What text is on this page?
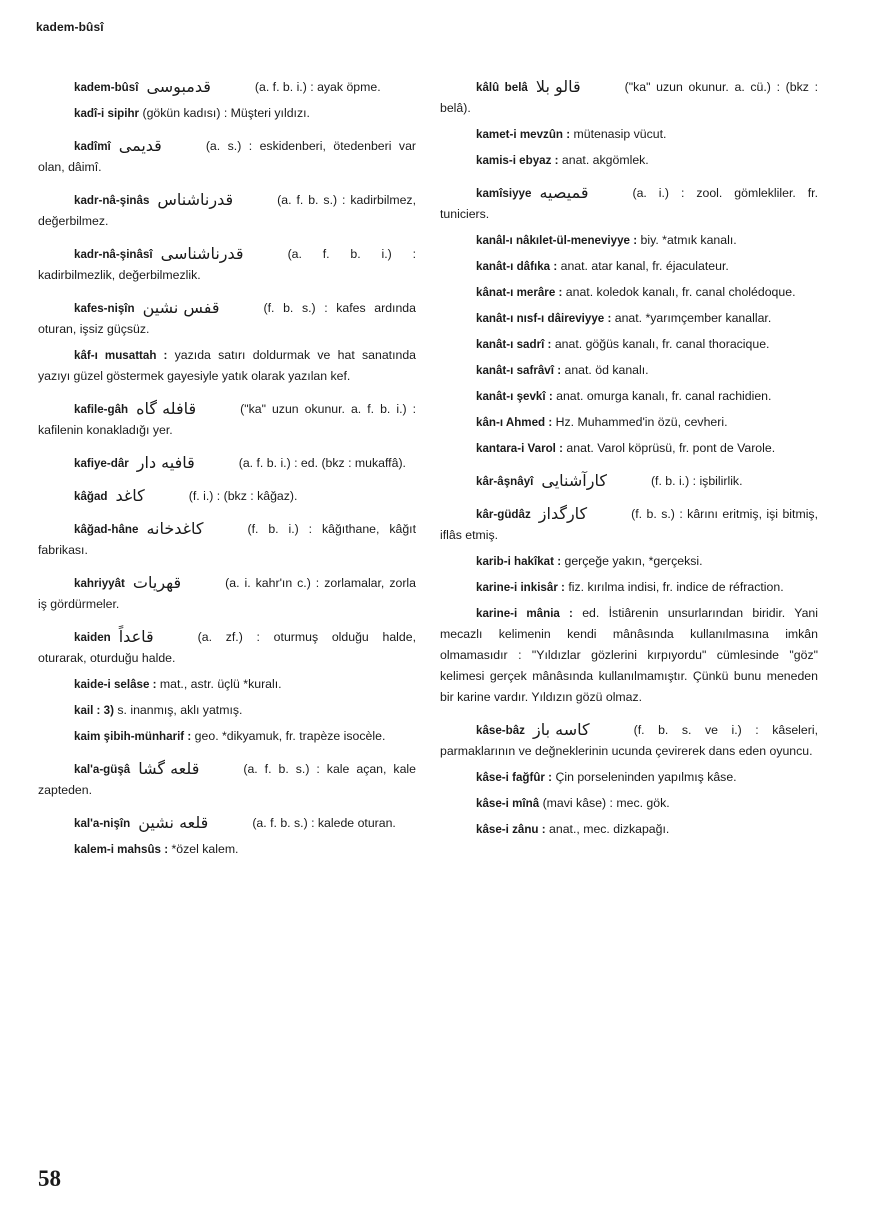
kadem-bûsî

kadem-bûsî قدمبوسی	(a. f. b. i.) : ayak öpme.

kadî-i sipihr (gökün kadısı) : Müşteri yıldızı.

kadîmî قدیمی	(a. s.) : eskidenberi, ötedenberi var olan, dâimî.

kadr-nâ-şinâs قدرناشناس	(a. f. b. s.) : kadirbilmez, değerbilmez.

kadr-nâ-şinâsî قدرناشناسی	(a. f. b. i.) : kadirbilmezlik, değerbilmezlik.

kafes-nişîn قفس نشین	(f. b. s.) : kafes ardında oturan, işsiz güçsüz.

kâf-ı musattah : yazıda satırı doldurmak ve hat sanatında yazıyı güzel göstermek gayesiyle yatık olarak yazılan kef.

kafile-gâh قافله گاه	("ka" uzun okunur. a. f. b. i.) : kafilenin konakladığı yer.

kafiye-dâr قافیه دار	(a. f. b. i.) : ed. (bkz : mukaffâ).

kâğad کاغد	(f. i.) : (bkz : kâğaz).

kâğad-hâne کاغدخانه	(f. b. i.) : kâğıthane, kâğıt fabrikası.

kahriyyât قهریات	(a. i. kahr'ın c.) : zorlamalar, zorla iş gördürmeler.

kaiden قاعداً	(a. zf.) : oturmuş olduğu halde, oturarak, oturduğu halde.

kaide-i selâse : mat., astr. üçlü *kuralı.

kail : 3) s. inanmış, aklı yatmış.

kaim şibih-münharif : geo. *dikyamuk, fr. trapèze isocèle.

kal'a-güşâ قلعه گشا	(a. f. b. s.) : kale açan, kale zapteden.

kal'a-nişîn قلعه نشین	(a. f. b. s.) : kalede oturan.

kalem-i mahsûs : *özel kalem.

kâlû belâ قالو بلا	("ka" uzun okunur. a. cü.) : (bkz : belâ).

kamet-i mevzûn : mütenasip vücut.

kamis-i ebyaz : anat. akgömlek.

kamîsiyye قمیصیه	(a. i.) : zool. gömlekliler. fr. tuniciers.

kanâl-ı nâkılet-ül-meneviyye : biy. *atmık kanalı.

kanât-ı dâfıka : anat. atar kanal, fr. éjaculateur.

kânat-ı merâre : anat. koledok kanalı, fr. canal cholédoque.

kanât-ı nısf-ı dâireviyye : anat. *yarımçember kanallar.

kanât-ı sadrî : anat. göğüs kanalı, fr. canal thoracique.

kanât-ı safrâvî : anat. öd kanalı.

kanât-ı şevkî : anat. omurga kanalı, fr. canal rachidien.

kân-ı Ahmed : Hz. Muhammed'in özü, cevheri.

kantara-i Varol : anat. Varol köprüsü, fr. pont de Varole.

kâr-âşnâyî کارآشنایی	(f. b. i.) : işbilirlik.

kâr-güdâz کارگداز	(f. b. s.) : kârını eritmiş, işi bitmiş, iflâs etmiş.

karib-i hakîkat : gerçeğe yakın, *gerçeksi.

karine-i inkisâr : fiz. kırılma indisi, fr. indice de réfraction.

karine-i mânia : ed. İstiârenin unsurlarından biridir. Yani mecazlı kelimenin kendi mânâsında kullanılmasına imkân olmamasıdır : "Yıldızlar gözlerini kırpıyordu" cümlesinde "göz" kelimesi gerçek mânâsında kullanılmamıştır. Çünkü bunu meneden bir karine vardır. Yıldızın gözü olmaz.

kâse-bâz کاسه باز	(f. b. s. ve i.) : kâseleri, parmaklarının ve değneklerinin ucunda çevirerek dans eden oyuncu.

kâse-i fağfûr : Çin porseleninden yapılmış kâse.

kâse-i mînâ (mavi kâse) : mec. gök.

kâse-i zânu : anat., mec. dizkapağı.

58
